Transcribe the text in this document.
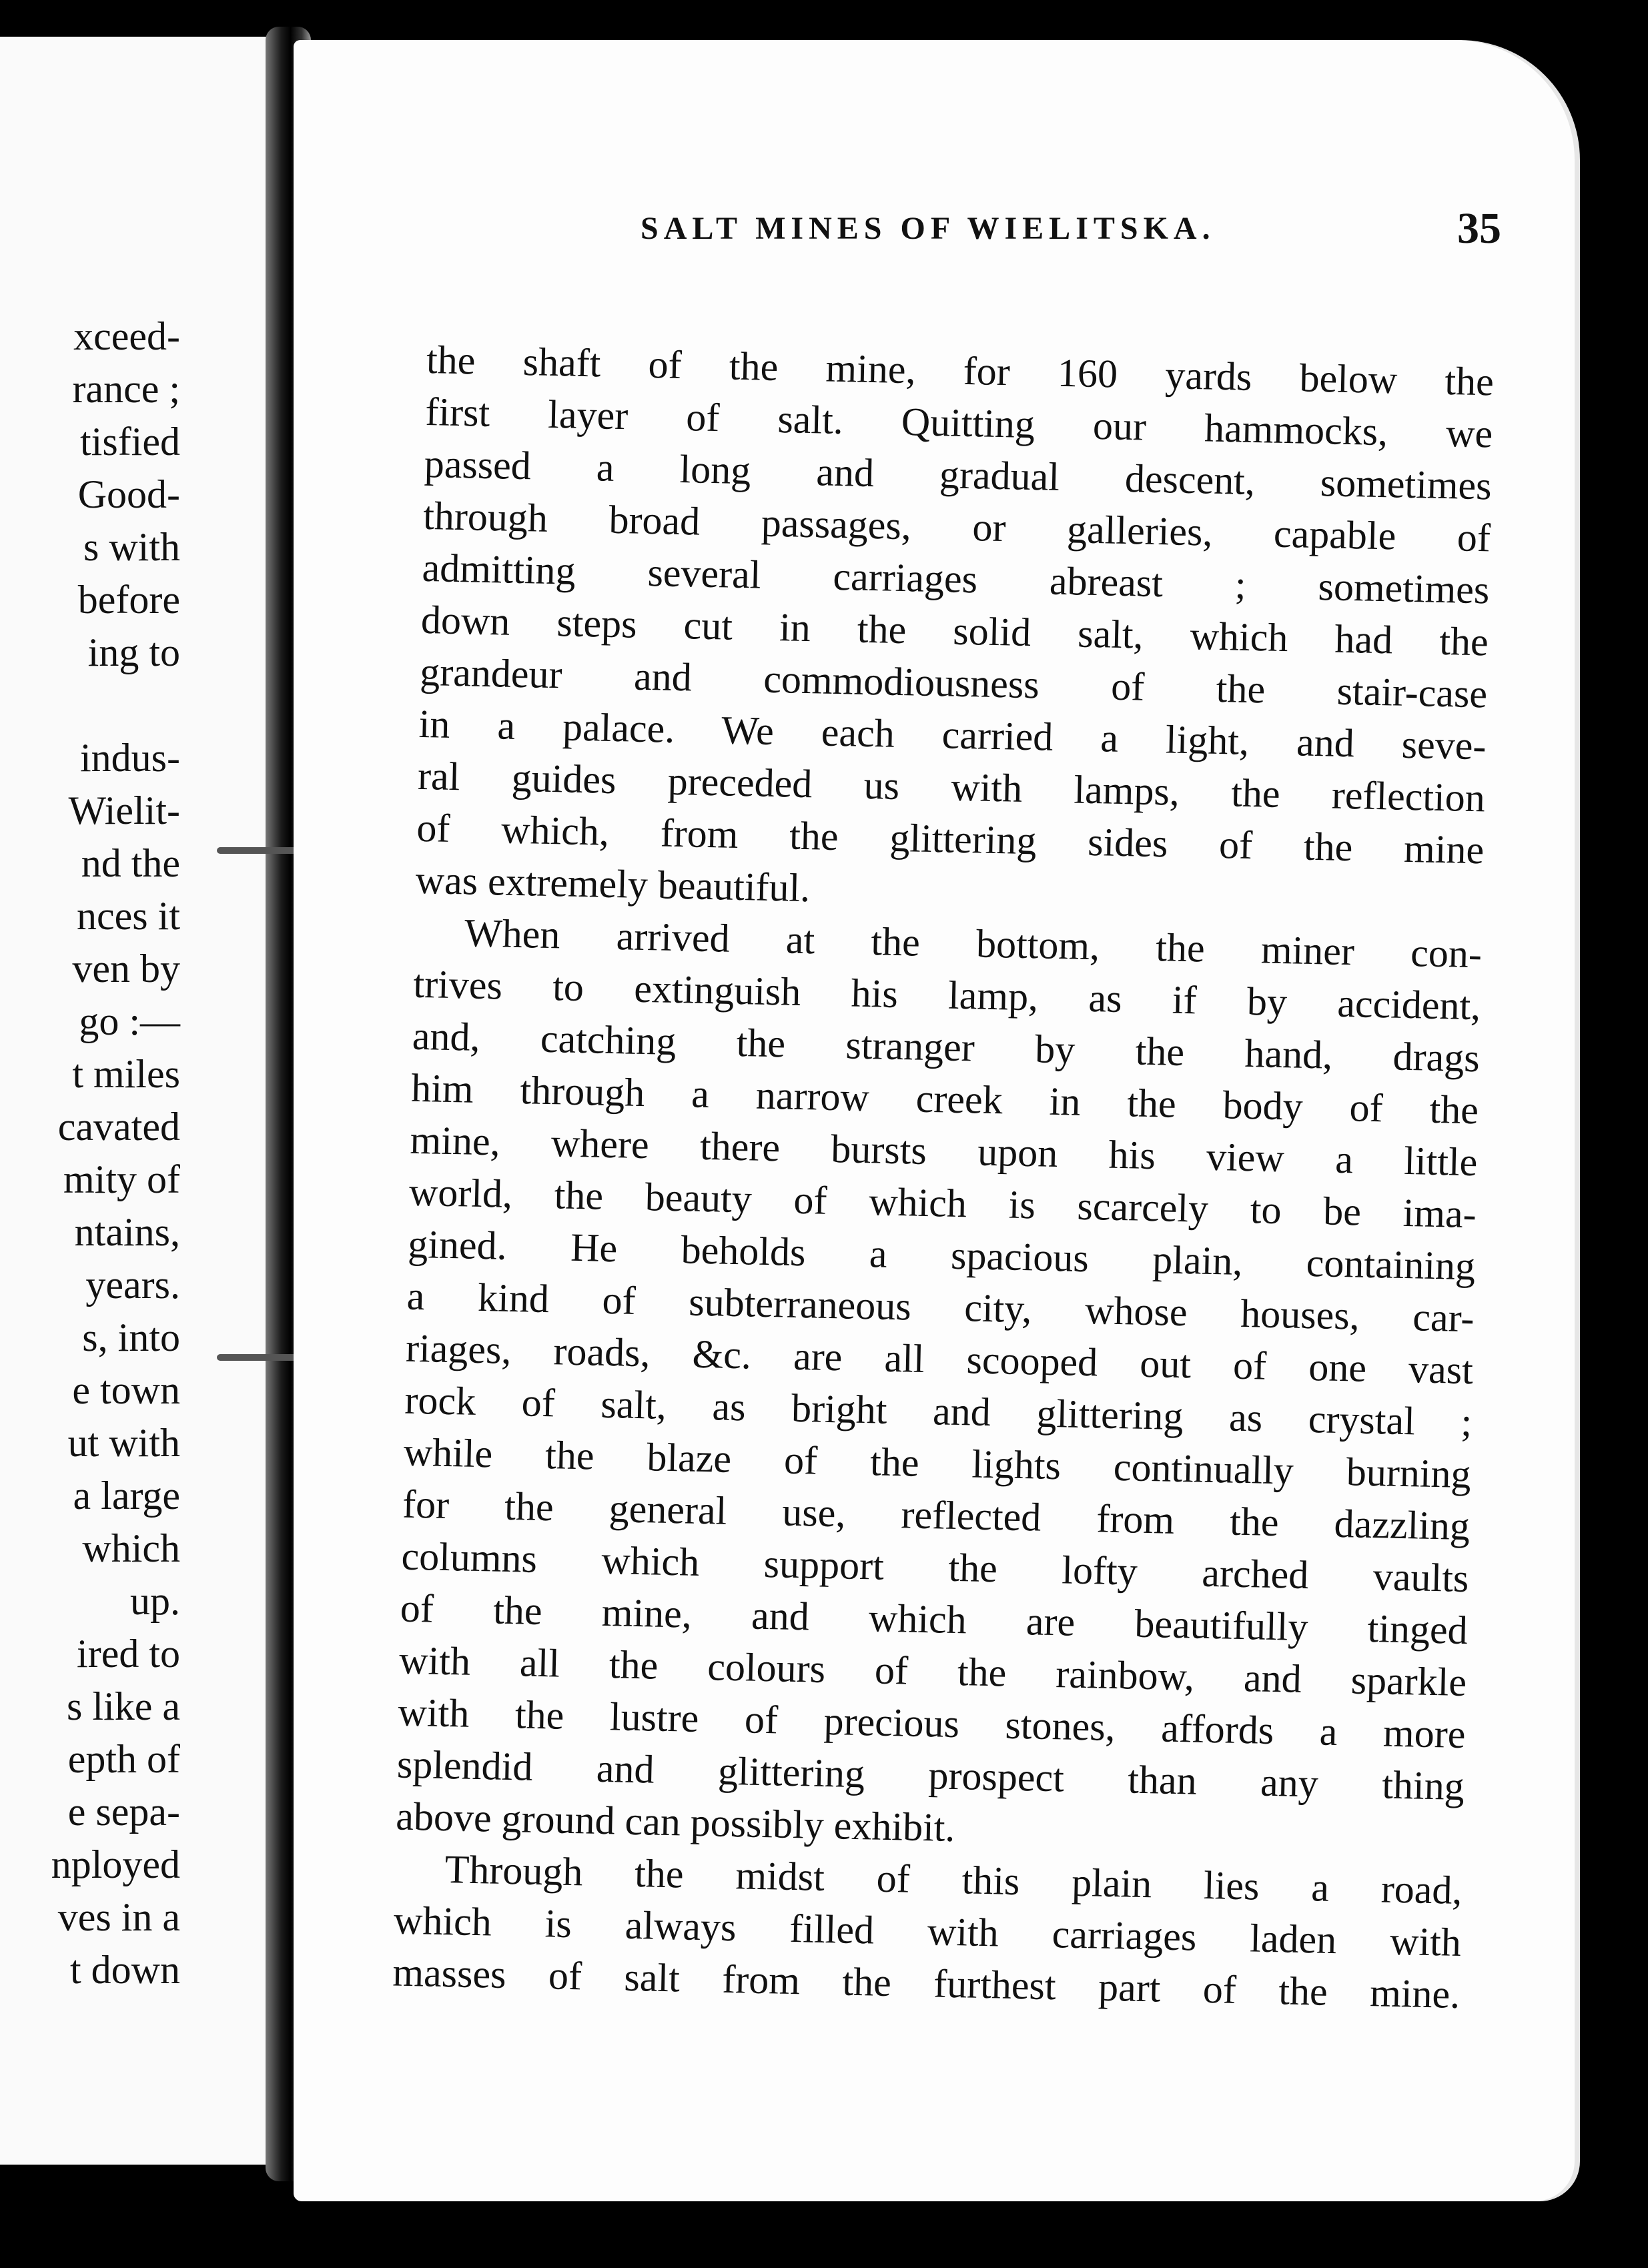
xceed-
rance ;
tisfied
Good-
s with
before
ing to
indus-
Wielit-
nd the
nces it
ven by
go :—
t miles
cavated
mity of
ntains,
years.
s, into
e town
ut with
a large
which
up.
ired to
s like a
epth of
e sepa-
nployed
ves in a
t down
SALT MINES OF WIELITSKA.	35
the shaft of the mine, for 160 yards below the
first layer of salt. Quitting our hammocks, we
passed a long and gradual descent, sometimes
through broad passages, or galleries, capable of
admitting several carriages abreast ; sometimes
down steps cut in the solid salt, which had the
grandeur and commodiousness of the stair-case
in a palace. We each carried a light, and seve-
ral guides preceded us with lamps, the reflection
of which, from the glittering sides of the mine
was extremely beautiful.
When arrived at the bottom, the miner con-
trives to extinguish his lamp, as if by accident,
and, catching the stranger by the hand, drags
him through a narrow creek in the body of the
mine, where there bursts upon his view a little
world, the beauty of which is scarcely to be ima-
gined. He beholds a spacious plain, containing
a kind of subterraneous city, whose houses, car-
riages, roads, &c. are all scooped out of one vast
rock of salt, as bright and glittering as crystal ;
while the blaze of the lights continually burning
for the general use, reflected from the dazzling
columns which support the lofty arched vaults
of the mine, and which are beautifully tinged
with all the colours of the rainbow, and sparkle
with the lustre of precious stones, affords a more
splendid and glittering prospect than any thing
above ground can possibly exhibit.
Through the midst of this plain lies a road,
which is always filled with carriages laden with
masses of salt from the furthest part of the mine.
